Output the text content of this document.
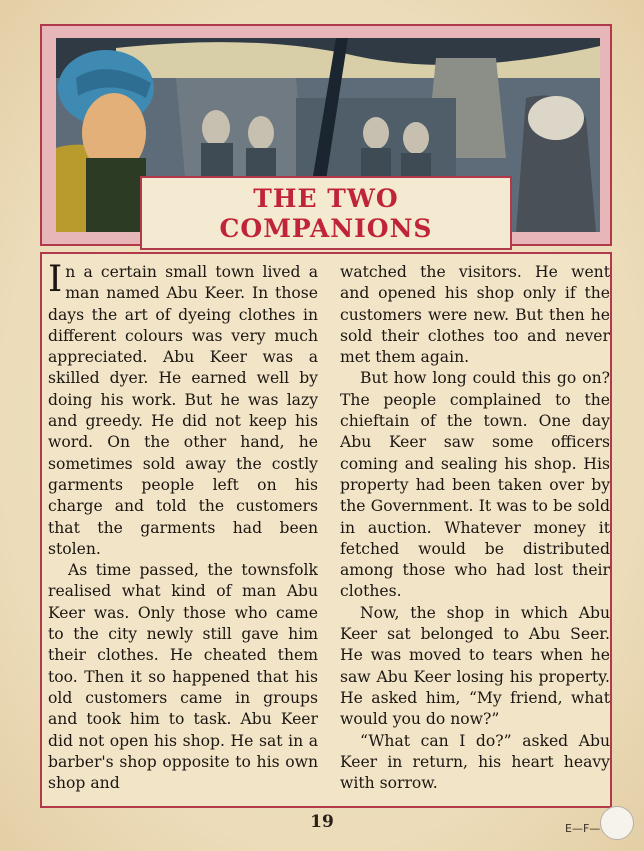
THE TWO
COMPANIONS

In a certain small town lived a man named Abu Keer. In those days the art of dyeing clothes in different colours was very much appreciated. Abu Keer was a skilled dyer. He earned well by doing his work. But he was lazy and greedy. He did not keep his word. On the other hand, he sometimes sold away the costly garments people left on his charge and told the customers that the garments had been stolen.

As time passed, the townsfolk realised what kind of man Abu Keer was. Only those who came to the city newly still gave him their clothes. He cheated them too. Then it so happened that his old customers came in groups and took him to task. Abu Keer did not open his shop. He sat in a barber's shop opposite to his own shop and

watched the visitors. He went and opened his shop only if the customers were new. But then he sold their clothes too and never met them again.

But how long could this go on? The people complained to the chieftain of the town. One day Abu Keer saw some officers coming and sealing his shop. His property had been taken over by the Government. It was to be sold in auction. Whatever money it fetched would be distributed among those who had lost their clothes.

Now, the shop in which Abu Keer sat belonged to Abu Seer. He was moved to tears when he saw Abu Keer losing his property. He asked him, “My friend, what would you do now?”

“What can I do?” asked Abu Keer in return, his heart heavy with sorrow.

19	E—F—
